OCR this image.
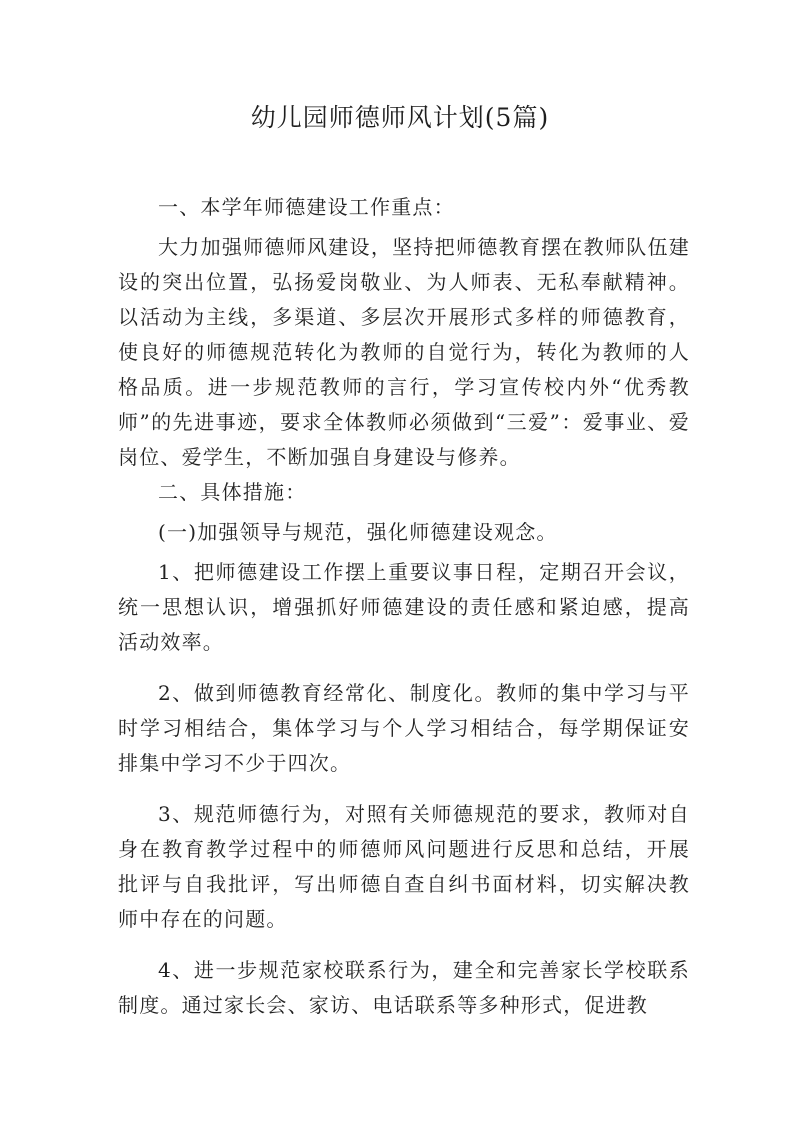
幼儿园师德师风计划(5篇)

一、本学年师德建设工作重点：

大力加强师德师风建设，坚持把师德教育摆在教师队伍建设的突出位置，弘扬爱岗敬业、为人师表、无私奉献精神。以活动为主线，多渠道、多层次开展形式多样的师德教育，使良好的师德规范转化为教师的自觉行为，转化为教师的人格品质。进一步规范教师的言行，学习宣传校内外“优秀教师”的先进事迹，要求全体教师必须做到“三爱”：爱事业、爱岗位、爱学生，不断加强自身建设与修养。

二、具体措施：

(一)加强领导与规范，强化师德建设观念。

1、把师德建设工作摆上重要议事日程，定期召开会议，统一思想认识，增强抓好师德建设的责任感和紧迫感，提高活动效率。

2、做到师德教育经常化、制度化。教师的集中学习与平时学习相结合，集体学习与个人学习相结合，每学期保证安排集中学习不少于四次。

3、规范师德行为，对照有关师德规范的要求，教师对自身在教育教学过程中的师德师风问题进行反思和总结，开展批评与自我批评，写出师德自查自纠书面材料，切实解决教师中存在的问题。

4、进一步规范家校联系行为，建全和完善家长学校联系制度。通过家长会、家访、电话联系等多种形式，促进教
